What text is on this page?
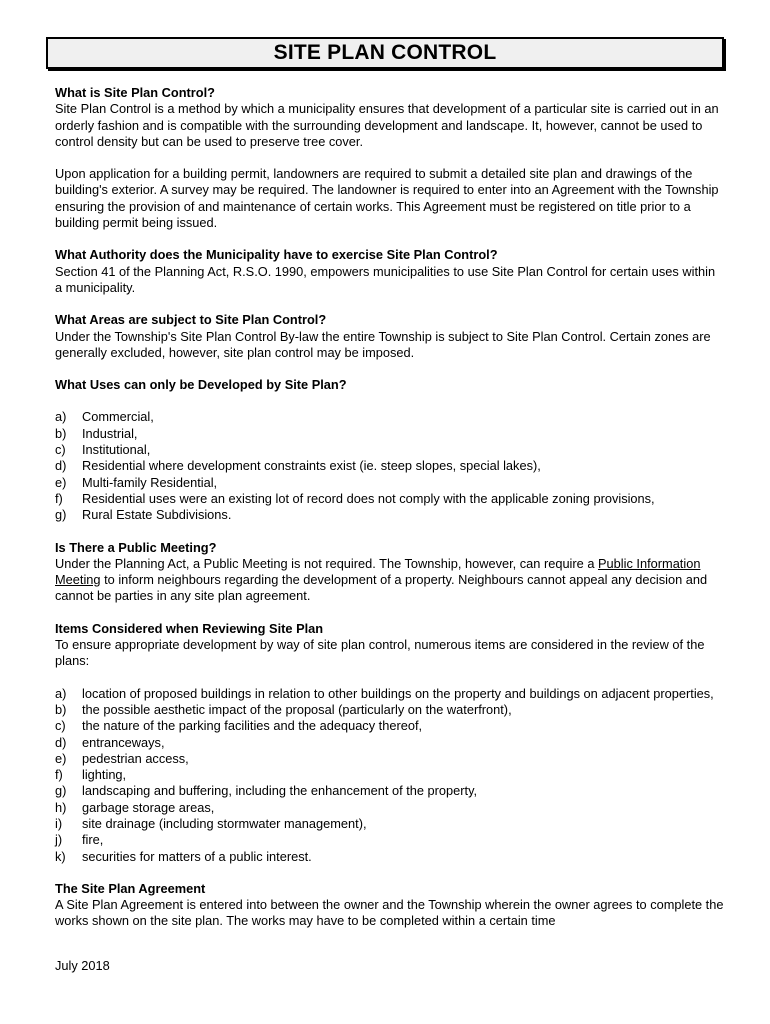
SITE PLAN CONTROL

What is Site Plan Control?

Site Plan Control is a method by which a municipality ensures that development of a particular site is carried out in an orderly fashion and is compatible with the surrounding development and landscape. It, however, cannot be used to control density but can be used to preserve tree cover.

Upon application for a building permit, landowners are required to submit a detailed site plan and drawings of the building's exterior. A survey may be required. The landowner is required to enter into an Agreement with the Township ensuring the provision of and maintenance of certain works. This Agreement must be registered on title prior to a building permit being issued.

What Authority does the Municipality have to exercise Site Plan Control?

Section 41 of the Planning Act, R.S.O. 1990, empowers municipalities to use Site Plan Control for certain uses within a municipality.

What Areas are subject to Site Plan Control?

Under the Township's Site Plan Control By-law the entire Township is subject to Site Plan Control. Certain zones are generally excluded, however, site plan control may be imposed.

What Uses can only be Developed by Site Plan?

a) Commercial,
b) Industrial,
c) Institutional,
d) Residential where development constraints exist (ie. steep slopes, special lakes),
e) Multi-family Residential,
f) Residential uses were an existing lot of record does not comply with the applicable zoning provisions,
g) Rural Estate Subdivisions.

Is There a Public Meeting?

Under the Planning Act, a Public Meeting is not required. The Township, however, can require a Public Information Meeting to inform neighbours regarding the development of a property. Neighbours cannot appeal any decision and cannot be parties in any site plan agreement.

Items Considered when Reviewing Site Plan

To ensure appropriate development by way of site plan control, numerous items are considered in the review of the plans:

a) location of proposed buildings in relation to other buildings on the property and buildings on adjacent properties,
b) the possible aesthetic impact of the proposal (particularly on the waterfront),
c) the nature of the parking facilities and the adequacy thereof,
d) entranceways,
e) pedestrian access,
f) lighting,
g) landscaping and buffering, including the enhancement of the property,
h) garbage storage areas,
i) site drainage (including stormwater management),
j) fire,
k) securities for matters of a public interest.

The Site Plan Agreement

A Site Plan Agreement is entered into between the owner and the Township wherein the owner agrees to complete the works shown on the site plan. The works may have to be completed within a certain time

July 2018
